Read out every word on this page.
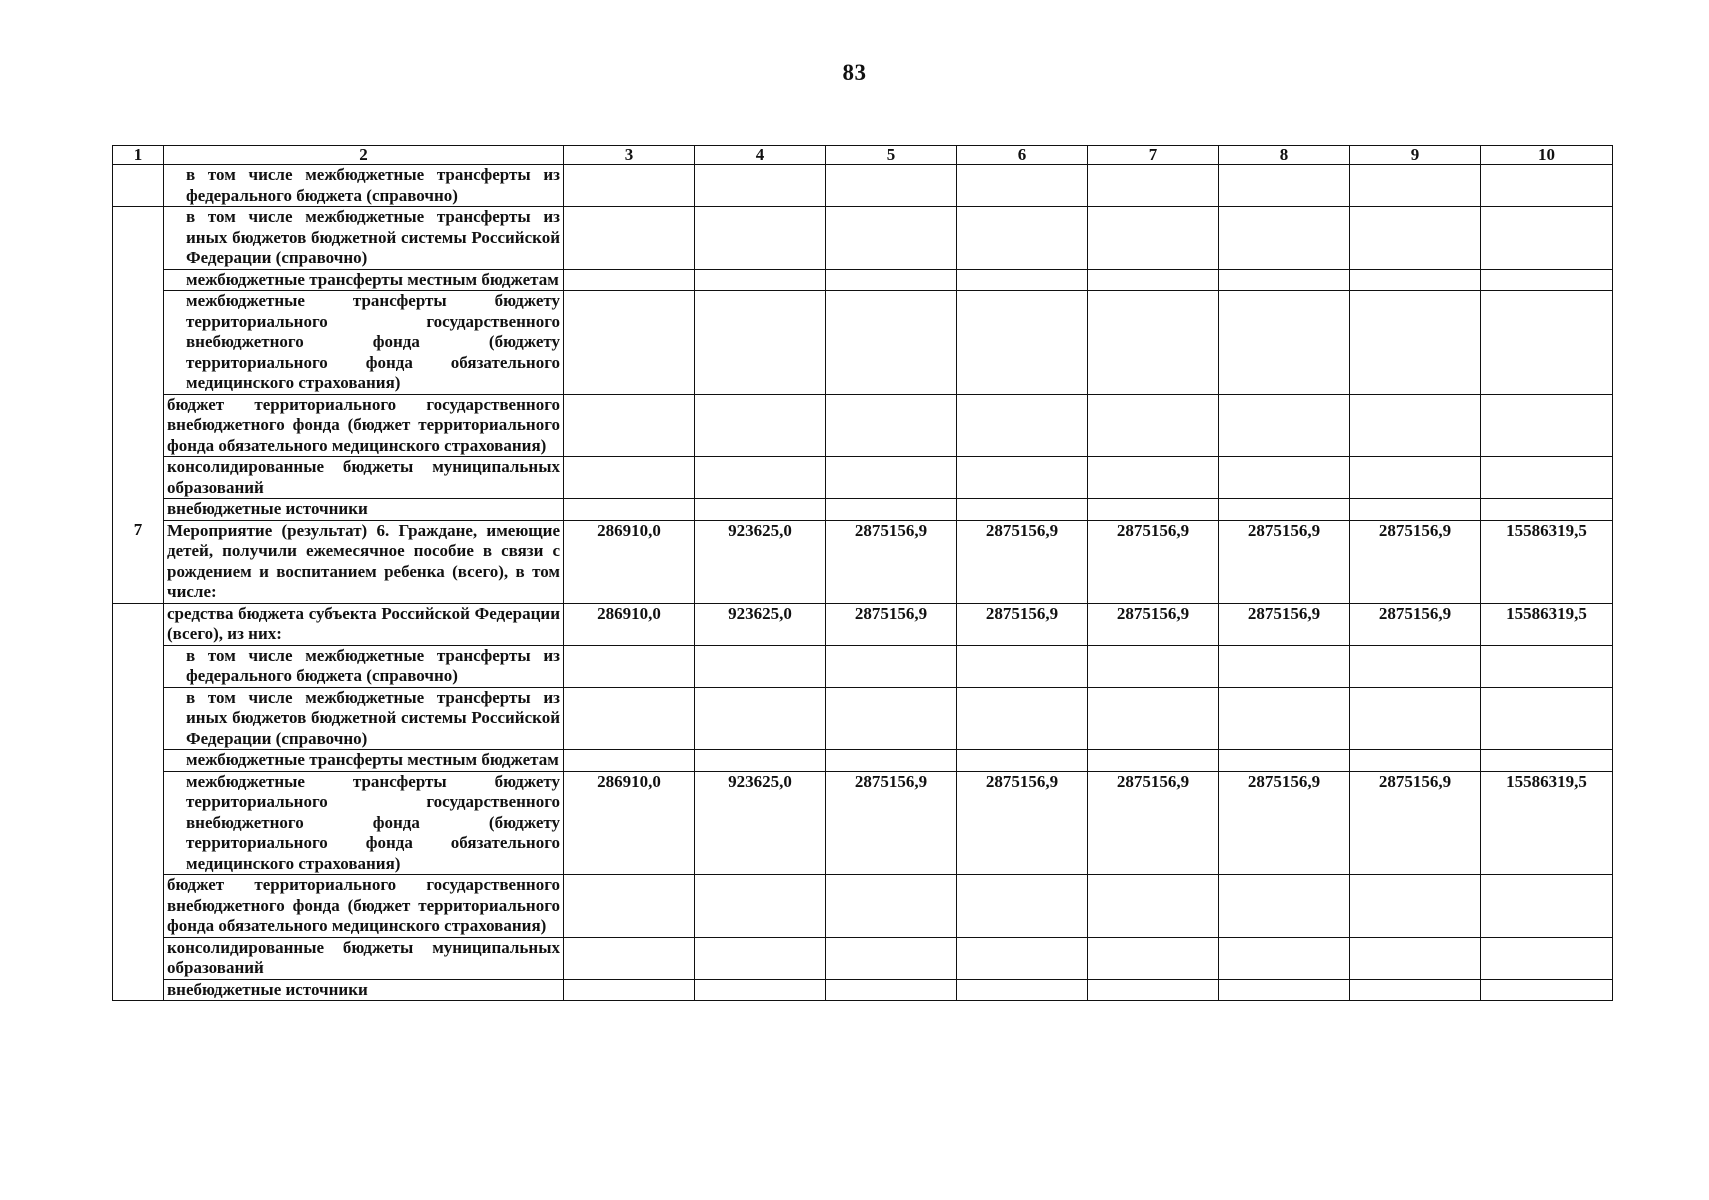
83
1	2	3	4	5	6	7	8	9	10
	в том числе межбюджетные трансферты из федерального бюджета (справочно)								
	в том числе межбюджетные трансферты из иных бюджетов бюджетной системы Российской Федерации (справочно)								
	межбюджетные трансферты местным бюджетам								
	межбюджетные трансферты бюджету территориального государственного внебюджетного фонда (бюджету территориального фонда обязательного медицинского страхования)								
	бюджет территориального государственного внебюджетного фонда (бюджет территориального фонда обязательного медицинского страхования)								
	консолидированные бюджеты муниципальных образований								
	внебюджетные источники								
7	Мероприятие (результат) 6. Граждане, имеющие детей, получили ежемесячное пособие в связи с рождением и воспитанием ребенка (всего), в том числе:	286910,0	923625,0	2875156,9	2875156,9	2875156,9	2875156,9	2875156,9	15586319,5
	средства бюджета субъекта Российской Федерации (всего), из них:	286910,0	923625,0	2875156,9	2875156,9	2875156,9	2875156,9	2875156,9	15586319,5
	в том числе межбюджетные трансферты из федерального бюджета (справочно)								
	в том числе межбюджетные трансферты из иных бюджетов бюджетной системы Российской Федерации (справочно)								
	межбюджетные трансферты местным бюджетам								
	межбюджетные трансферты бюджету территориального государственного внебюджетного фонда (бюджету территориального фонда обязательного медицинского страхования)	286910,0	923625,0	2875156,9	2875156,9	2875156,9	2875156,9	2875156,9	15586319,5
	бюджет территориального государственного внебюджетного фонда (бюджет территориального фонда обязательного медицинского страхования)								
	консолидированные бюджеты муниципальных образований								
	внебюджетные источники								
